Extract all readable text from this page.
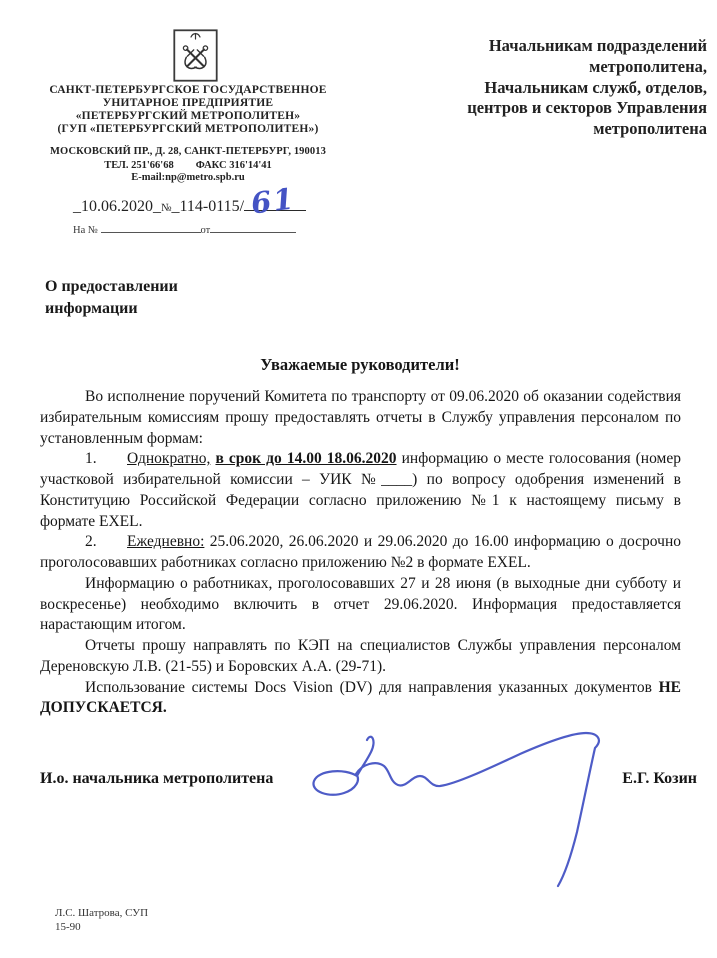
САНКТ-ПЕТЕРБУРГСКОЕ ГОСУДАРСТВЕННОЕ
УНИТАРНОЕ ПРЕДПРИЯТИЕ
«ПЕТЕРБУРГСКИЙ МЕТРОПОЛИТЕН»
(ГУП «ПЕТЕРБУРГСКИЙ МЕТРОПОЛИТЕН»)
МОСКОВСКИЙ ПР., Д. 28, САНКТ-ПЕТЕРБУРГ, 190013
ТЕЛ. 251'66'68 ФАКС 316'14'41
E-mail:np@metro.spb.ru
Начальникам подразделений
метрополитена,
Начальникам служб, отделов,
центров и секторов Управления
метрополитена
_10.06.2020_№_114-0115/ 61
На №	от
О предоставлении
информации
Уважаемые руководители!

Во исполнение поручений Комитета по транспорту от 09.06.2020 об оказании содействия избирательным комиссиям прошу предоставлять отчеты в Службу управления персоналом по установленным формам:

1. Однократно, в срок до 14.00 18.06.2020 информацию о месте голосования (номер участковой избирательной комиссии – УИК №____) по вопросу одобрения изменений в Конституцию Российской Федерации согласно приложению №1 к настоящему письму в формате EXEL.

2. Ежедневно: 25.06.2020, 26.06.2020 и 29.06.2020 до 16.00 информацию о досрочно проголосовавших работниках согласно приложению №2 в формате EXEL.

Информацию о работниках, проголосовавших 27 и 28 июня (в выходные дни субботу и воскресенье) необходимо включить в отчет 29.06.2020. Информация предоставляется нарастающим итогом.

Отчеты прошу направлять по КЭП на специалистов Службы управления персоналом Дереновскую Л.В. (21-55) и Боровских А.А. (29-71).

Использование системы Docs Vision (DV) для направления указанных документов НЕ ДОПУСКАЕТСЯ.

И.о. начальника метрополитена	Е.Г. Козин
Л.С. Шатрова, СУП
15-90
